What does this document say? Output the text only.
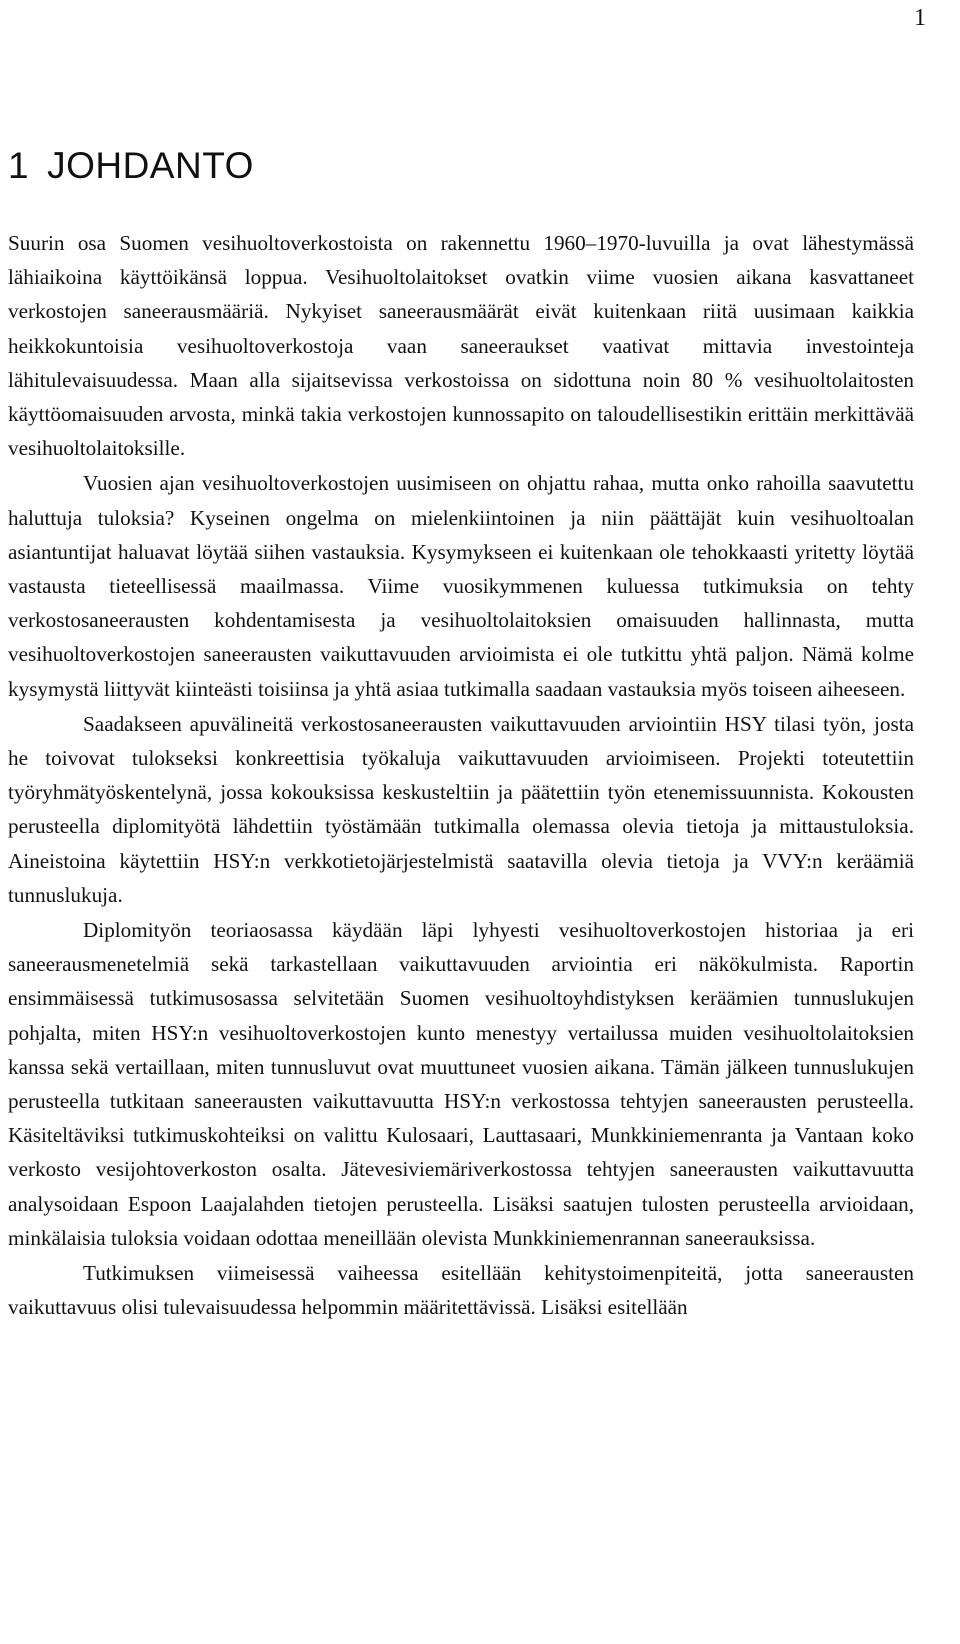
1
1 JOHDANTO

Suurin osa Suomen vesihuoltoverkostoista on rakennettu 1960–1970-luvuilla ja ovat lähestymässä lähiaikoina käyttöikänsä loppua. Vesihuoltolaitokset ovatkin viime vuosien aikana kasvattaneet verkostojen saneerausmääriä. Nykyiset saneerausmäärät eivät kuitenkaan riitä uusimaan kaikkia heikkokuntoisia vesihuoltoverkostoja vaan saneeraukset vaativat mittavia investointeja lähitulevaisuudessa. Maan alla sijaitsevissa verkostoissa on sidottuna noin 80 % vesihuoltolaitosten käyttöomaisuuden arvosta, minkä takia verkostojen kunnossapito on taloudellisestikin erittäin merkittävää vesihuoltolaitoksille.

Vuosien ajan vesihuoltoverkostojen uusimiseen on ohjattu rahaa, mutta onko rahoilla saavutettu haluttuja tuloksia? Kyseinen ongelma on mielenkiintoinen ja niin päättäjät kuin vesihuoltoalan asiantuntijat haluavat löytää siihen vastauksia. Kysymykseen ei kuitenkaan ole tehokkaasti yritetty löytää vastausta tieteellisessä maailmassa. Viime vuosikymmenen kuluessa tutkimuksia on tehty verkostosaneerausten kohdentamisesta ja vesihuoltolaitoksien omaisuuden hallinnasta, mutta vesihuoltoverkostojen saneerausten vaikuttavuuden arvioimista ei ole tutkittu yhtä paljon. Nämä kolme kysymystä liittyvät kiinteästi toisiinsa ja yhtä asiaa tutkimalla saadaan vastauksia myös toiseen aiheeseen.

Saadakseen apuvälineitä verkostosaneerausten vaikuttavuuden arviointiin HSY tilasi työn, josta he toivovat tulokseksi konkreettisia työkaluja vaikuttavuuden arvioimiseen. Projekti toteutettiin työryhmätyöskentelynä, jossa kokouksissa keskusteltiin ja päätettiin työn etenemissuunnista. Kokousten perusteella diplomityötä lähdettiin työstämään tutkimalla olemassa olevia tietoja ja mittaustuloksia. Aineistoina käytettiin HSY:n verkkotietojärjestelmistä saatavilla olevia tietoja ja VVY:n keräämiä tunnuslukuja.

Diplomityön teoriaosassa käydään läpi lyhyesti vesihuoltoverkostojen historiaa ja eri saneerausmenetelmiä sekä tarkastellaan vaikuttavuuden arviointia eri näkökulmista. Raportin ensimmäisessä tutkimusosassa selvitetään Suomen vesihuoltoyhdistyksen keräämien tunnuslukujen pohjalta, miten HSY:n vesihuoltoverkostojen kunto menestyy vertailussa muiden vesihuoltolaitoksien kanssa sekä vertaillaan, miten tunnusluvut ovat muuttuneet vuosien aikana. Tämän jälkeen tunnuslukujen perusteella tutkitaan saneerausten vaikuttavuutta HSY:n verkostossa tehtyjen saneerausten perusteella. Käsiteltäviksi tutkimuskohteiksi on valittu Kulosaari, Lauttasaari, Munkkiniemenranta ja Vantaan koko verkosto vesijohtoverkoston osalta. Jätevesiviemäriverkostossa tehtyjen saneerausten vaikuttavuutta analysoidaan Espoon Laajalahden tietojen perusteella. Lisäksi saatujen tulosten perusteella arvioidaan, minkälaisia tuloksia voidaan odottaa meneillään olevista Munkkiniemenrannan saneerauksissa.

Tutkimuksen viimeisessä vaiheessa esitellään kehitystoimenpiteitä, jotta saneerausten vaikuttavuus olisi tulevaisuudessa helpommin määritettävissä. Lisäksi esitellään
